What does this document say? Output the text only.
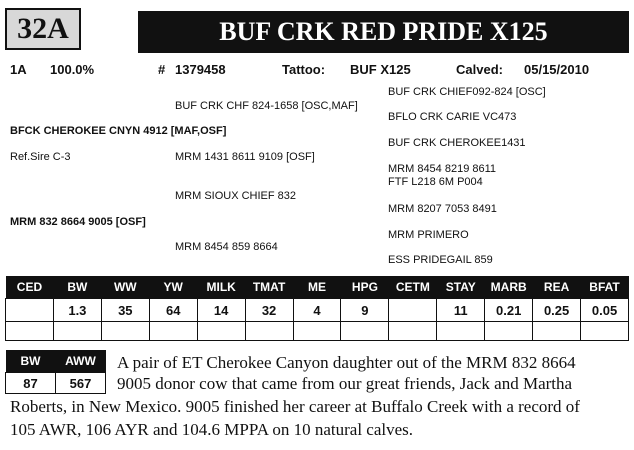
32A	BUF CRK RED PRIDE X125
1A 100.0%	# 1379458	Tattoo: BUF X125	Calved: 05/15/2010
BUF CRK CHIEF092-824 [OSC]
BUF CRK CHF 824-1658 [OSC,MAF]
BFLO CRK CARIE VC473
BFCK CHEROKEE CNYN 4912 [MAF,OSF]
BUF CRK CHEROKEE1431
Ref.Sire C-3	MRM 1431 8611 9109 [OSF]
MRM 8454 8219 8611
FTF L218 6M P004
MRM SIOUX CHIEF 832
MRM 8207 7053 8491
MRM 832 8664 9005 [OSF]
MRM PRIMERO
MRM 8454 859 8664
ESS PRIDEGAIL 859
CED	BW	WW	YW	MILK	TMAT	ME	HPG	CETM	STAY	MARB	REA	BFAT
	1.3	35	64	14	32	4	9		11	0.21	0.25	0.05

BW	AWW
87	567
A pair of ET Cherokee Canyon daughter out of the MRM 832 8664
9005 donor cow that came from our great friends, Jack and Martha
Roberts, in New Mexico. 9005 finished her career at Buffalo Creek with a record of
105 AWR, 106 AYR and 104.6 MPPA on 10 natural calves.
